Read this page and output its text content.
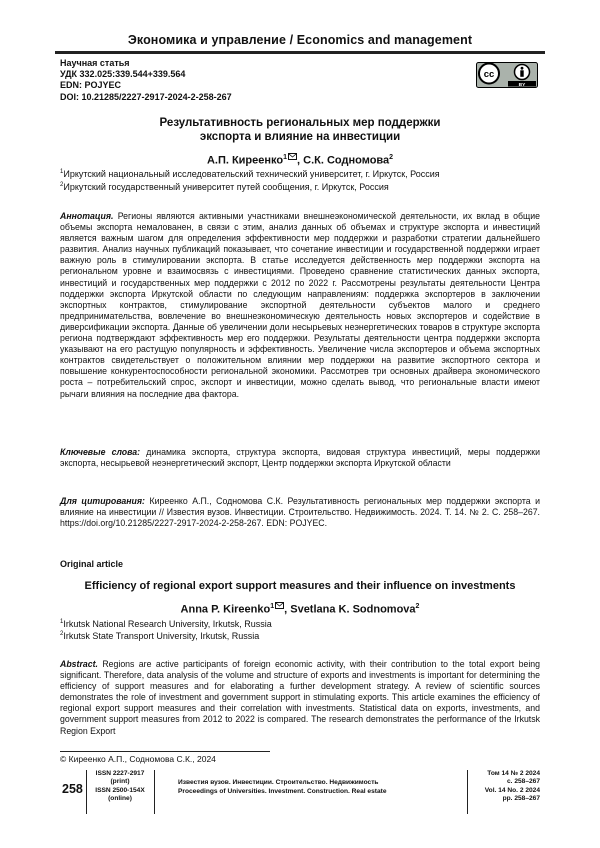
Экономика и управление / Economics and management
Научная статья
УДК 332.025:339.544+339.564
EDN: POJYEC
DOI: 10.21285/2227-2917-2024-2-258-267
cc
BY
Результативность региональных мер поддержки
экспорта и влияние на инвестиции
А.П. Киреенко$^1$ , С.К. Содномова$^2$
$^1$Иркутский национальный исследовательский технический университет, г. Иркутск, Россия
$^2$Иркутский государственный университет путей сообщения, г. Иркутск, Россия
Аннотация. Регионы являются активными участниками внешнеэкономической деятельности, их вклад в общие объемы экспорта немалованен, в связи с этим, анализ данных об объемах и структуре экспорта и инвестиций является важным шагом для определения эффективности мер поддержки и разработки стратегии дальнейшего развития. Анализ научных публикаций показывает, что сочетание инвестиции и государственной поддержки играет важную роль в стимулировании экспорта. В статье исследуется действенность мер поддержки экспорта на региональном уровне и взаимосвязь с инвестициями. Проведено сравнение статистических данных экспорта, инвестиций и государственных мер поддержки с 2012 по 2022 г. Рассмотрены результаты деятельности Центра поддержки экспорта Иркутской области по следующим направлениям: поддержка экспортеров в заключении экспортных контрактов, стимулирование экспортной деятельности субъектов малого и среднего предпринимательства, вовлечение во внешнеэкономическую деятельность новых экспортеров и содействие в диверсификации экспорта. Данные об увеличении доли несырьевых неэнергетических товаров в структуре экспорта региона подтверждают эффективность мер его поддержки. Результаты деятельности центра поддержки экспорта указывают на его растущую популярность и эффективность. Увеличение числа экспортеров и объема экспортных контрактов свидетельствует о положительном влиянии мер поддержки на развитие экспортного сектора и повышение конкурентоспособности региональной экономики. Рассмотрев три основных драйвера экономического роста – потребительский спрос, экспорт и инвестиции, можно сделать вывод, что региональные власти имеют рычаги влияния на последние два фактора.
Ключевые слова: динамика экспорта, структура экспорта, видовая структура инвестиций, меры поддержки экспорта, несырьевой неэнергетический экспорт, Центр поддержки экспорта Иркутской области
Для цитирования: Киреенко А.П., Содномова С.К. Результативность региональных мер поддержки экспорта и влияние на инвестиции // Известия вузов. Инвестиции. Строительство. Недвижимость. 2024. Т. 14. № 2. С. 258–267. https://doi.org/10.21285/2227-2917-2024-2-258-267. EDN: POJYEC.
Original article
Efficiency of regional export support measures and their influence on investments
Anna P. Kireenko$^1$ , Svetlana K. Sodnomova$^2$
$^1$Irkutsk National Research University, Irkutsk, Russia
$^2$Irkutsk State Transport University, Irkutsk, Russia
Abstract. Regions are active participants of foreign economic activity, with their contribution to the total export being significant. Therefore, data analysis of the volume and structure of exports and investments is important for determining the efficiency of support measures and for elaborating a further development strategy. A review of scientific sources demonstrates the role of investment and government support in stimulating exports. This article examines the efficiency of regional export support measures and their correlation with investments. Statistical data on exports, investments, and government support measures from 2012 to 2022 is compared. The research demonstrates the performance of the Irkutsk Region Export
© Киреенко А.П., Содномова С.К., 2024
258
ISSN 2227-2917
(print)
ISSN 2500-154X
(online)
Известия вузов. Инвестиции. Строительство. Недвижимость
Proceedings of Universities. Investment. Construction. Real estate
Том 14 № 2 2024
с. 258–267
Vol. 14 No. 2 2024
pp. 258–267
